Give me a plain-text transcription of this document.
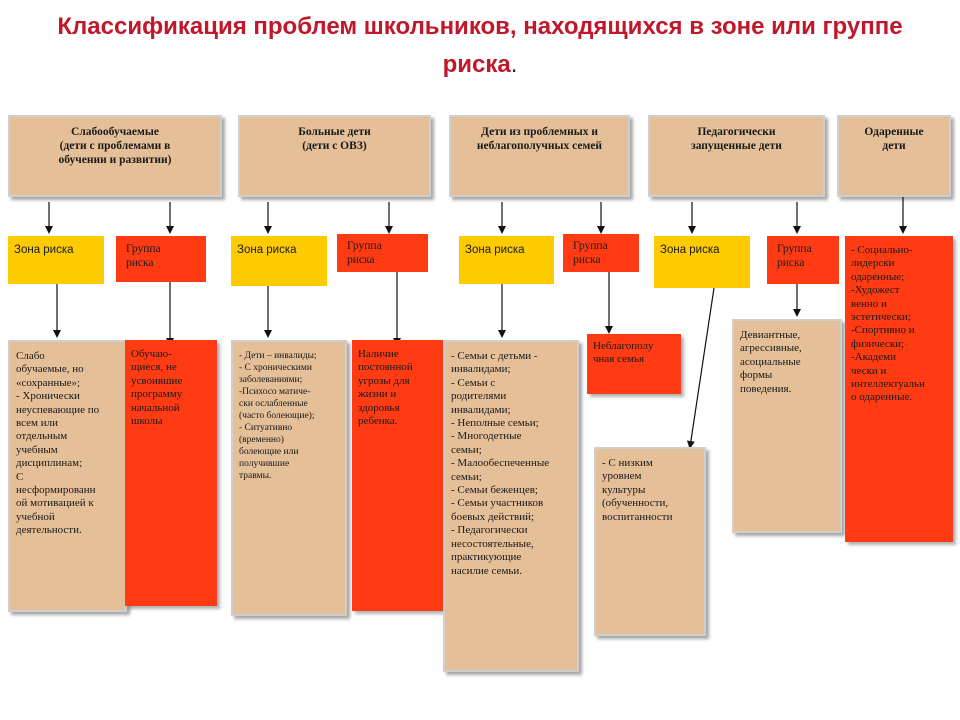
Классификация проблем школьников, находящихся в зоне или группе риска.
Слабообучаемые
(дети с проблемами в
обучении и развитии)
Больные дети
(дети с ОВЗ)
Дети из проблемных и
неблагополучных семей
Педагогически
запущенные дети
Одаренные
дети
Зона риска	Группа
риска
Зона риска	Группа
риска
Зона риска	Группа
риска
Зона риска	Группа
риска
Слабо
обучаемые, но
«сохранные»;
- Хронически
неуспевающие по
всем или
отдельным
учебным
дисциплинам;
С
несформированн
ой мотивацией к
учебной
деятельности.
Обучаю-
щиеся, не
усвоившие
программу
начальной
школы
- Дети – инвалиды;
- С хроническими
заболеваниями;
-Психосо матиче-
ски ослабленные
(часто болеющие);
- Ситуативно
(временно)
болеющие или
получившие
травмы.
Наличие
постоянной
угрозы для
жизни и
здоровья
ребенка.
- Семьи с детьми -
инвалидами;
- Семьи с
родителями
инвалидами;
- Неполные семьи;
- Многодетные
семьи;
- Малообеспеченные
семьи;
- Семьи беженцев;
- Семьи участников
боевых действий;
- Педагогически
несостоятельные,
практикующие
насилие семьи.
Неблагополу
чная семья
- С низким
уровнем
культуры
(обученности,
воспитанности
Девиантные,
агрессивные,
асоциальные
формы
поведения.
- Социально-
лидерски
одаренные;
-Художест
венно и
эстетически;
-Спортивно и
физически;
-Академи
чески и
интеллектуальн
о одаренные.
